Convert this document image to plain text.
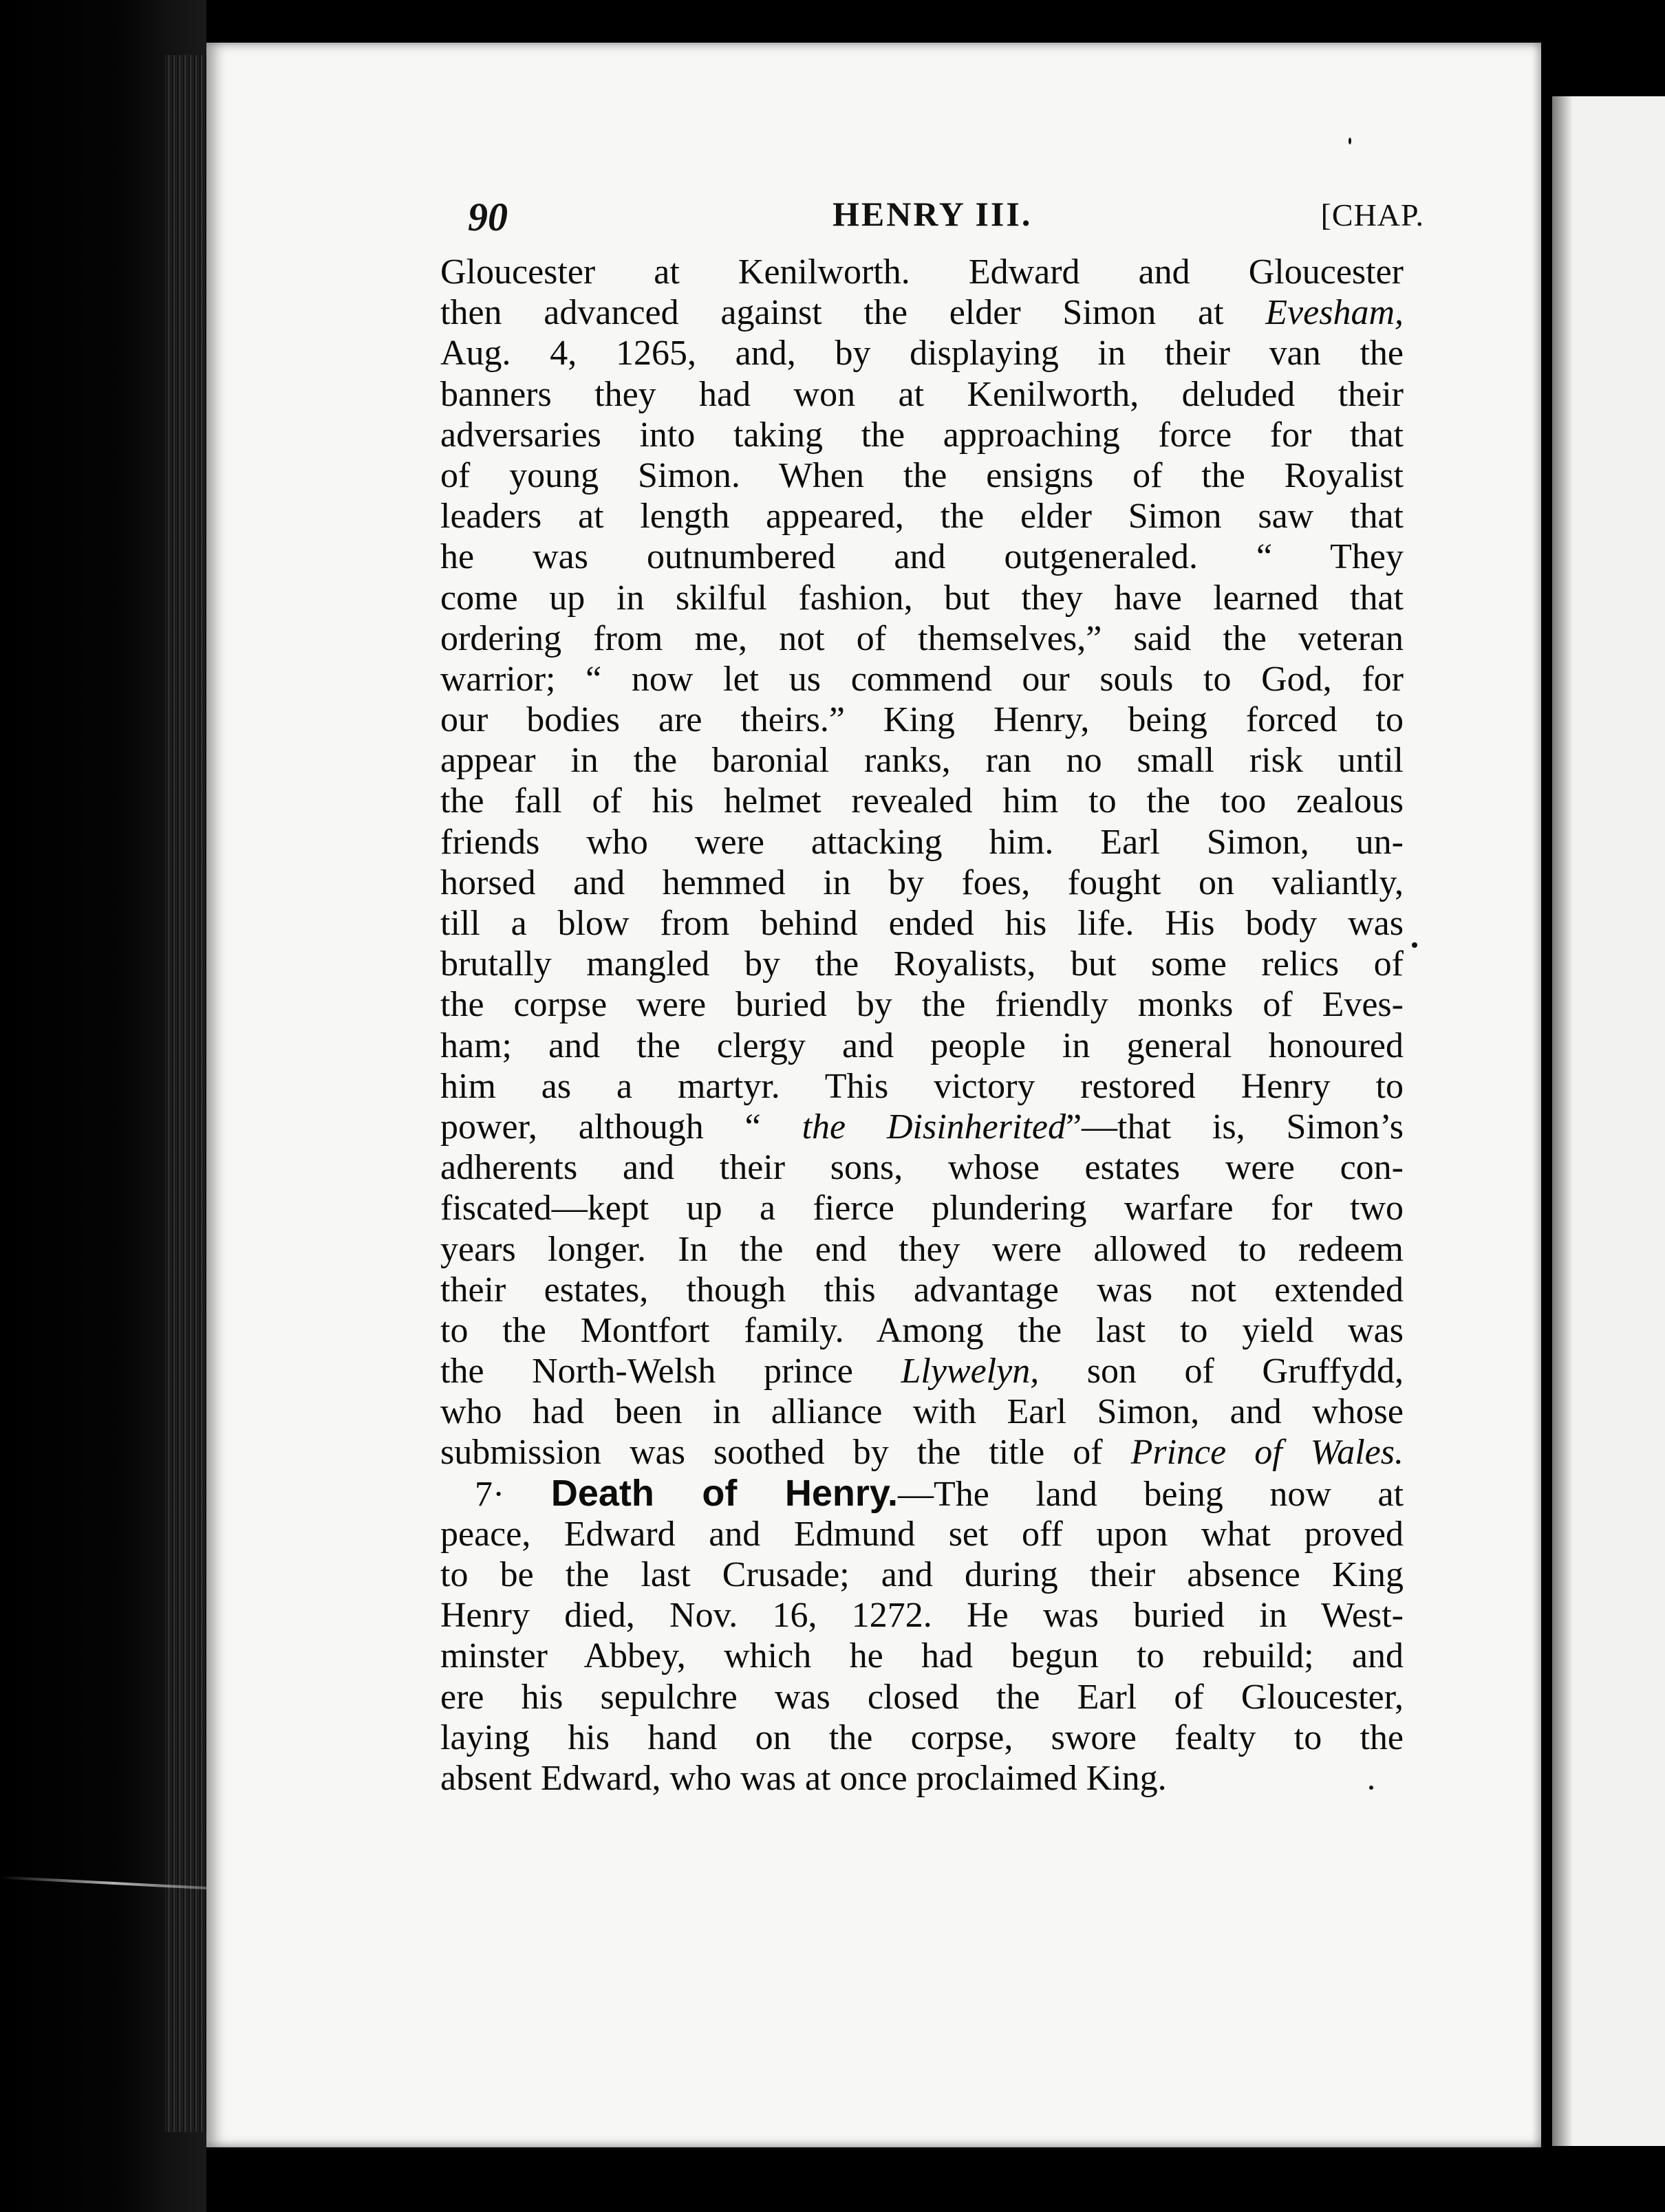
90	HENRY III.	[CHAP.
Gloucester at Kenilworth. Edward and Gloucester
then advanced against the elder Simon at Evesham,
Aug. 4, 1265, and, by displaying in their van the
banners they had won at Kenilworth, deluded their
adversaries into taking the approaching force for that
of young Simon. When the ensigns of the Royalist
leaders at length appeared, the elder Simon saw that
he was outnumbered and outgeneraled. “ They
come up in skilful fashion, but they have learned that
ordering from me, not of themselves,” said the veteran
warrior; “ now let us commend our souls to God, for
our bodies are theirs.” King Henry, being forced to
appear in the baronial ranks, ran no small risk until
the fall of his helmet revealed him to the too zealous
friends who were attacking him. Earl Simon, un-
horsed and hemmed in by foes, fought on valiantly,
till a blow from behind ended his life. His body was
brutally mangled by the Royalists, but some relics of
the corpse were buried by the friendly monks of Eves-
ham; and the clergy and people in general honoured
him as a martyr. This victory restored Henry to
power, although “ the Disinherited”—that is, Simon’s
adherents and their sons, whose estates were con-
fiscated—kept up a fierce plundering warfare for two
years longer. In the end they were allowed to redeem
their estates, though this advantage was not extended
to the Montfort family. Among the last to yield was
the North-Welsh prince Llywelyn, son of Gruffydd,
who had been in alliance with Earl Simon, and whose
submission was soothed by the title of Prince of Wales.
7· Death of Henry.—The land being now at
peace, Edward and Edmund set off upon what proved
to be the last Crusade; and during their absence King
Henry died, Nov. 16, 1272. He was buried in West-
minster Abbey, which he had begun to rebuild; and
ere his sepulchre was closed the Earl of Gloucester,
laying his hand on the corpse, swore fealty to the
absent Edward, who was at once proclaimed King.
